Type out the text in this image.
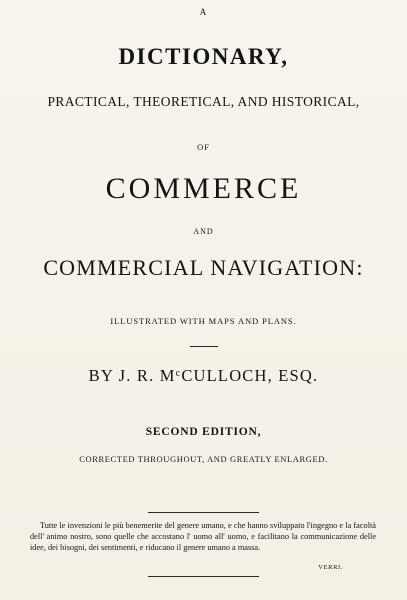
A
DICTIONARY,
PRACTICAL, THEORETICAL, AND HISTORICAL,
OF
COMMERCE
AND
COMMERCIAL NAVIGATION:
ILLUSTRATED WITH MAPS AND PLANS.
BY J. R. $M^cCULLOCH$, ESQ.
SECOND EDITION,
CORRECTED THROUGHOUT, AND GREATLY ENLARGED.
Tutte le invenzioni le più benemerite del genere umano, e che hanno sviluppato l'ingegno e la facoltà dell' animo nostro, sono quelle che accostano l' uomo all' uomo, e facilitano la communicazione delle idee, dei bisogni, dei sentimenti, e riducano il genere umano a massa.
VERRI.
